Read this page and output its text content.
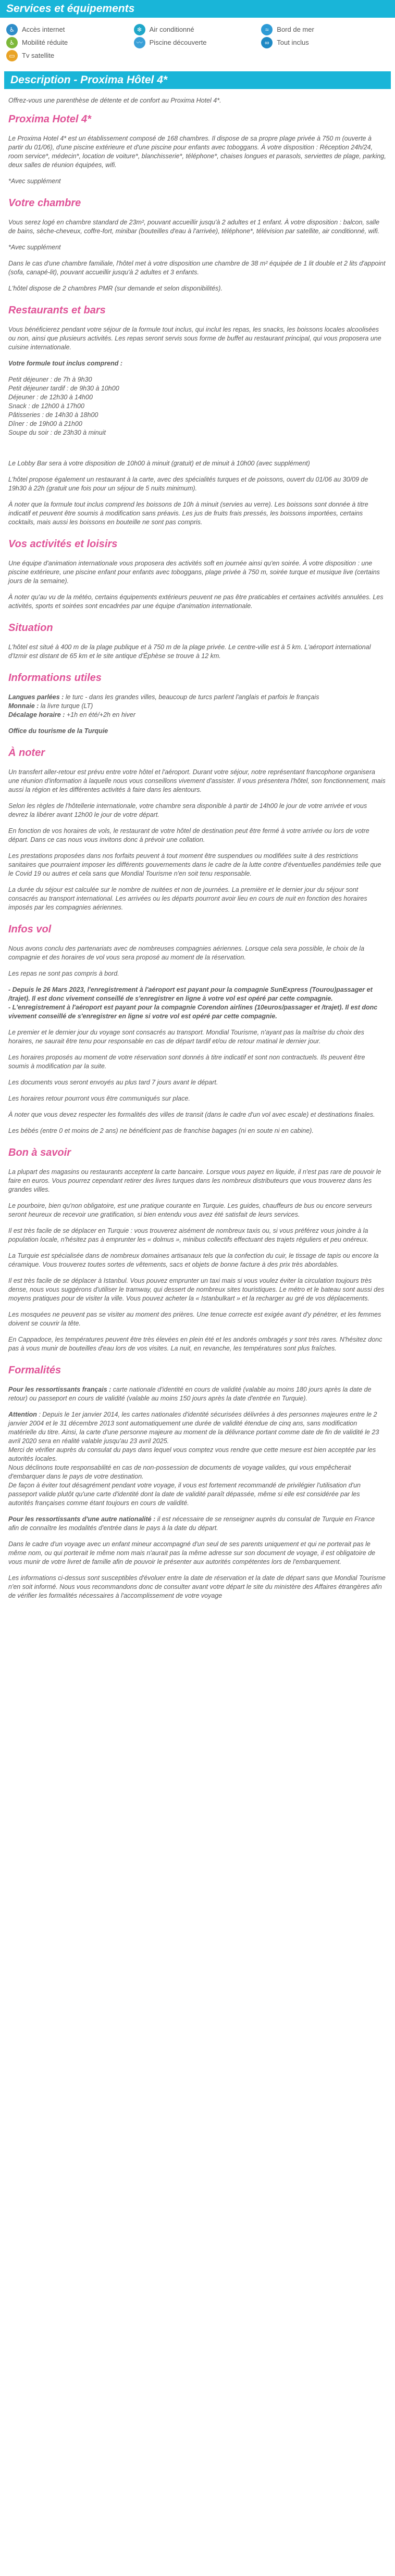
Services et équipements
♿	Accès internet	❄	Air conditionné	≈	Bord de mer
♿	Mobilité réduite	〰	Piscine découverte	∞	Tout inclus
▭	Tv satellite
Description - Proxima Hôtel 4*

Offrez-vous une parenthèse de détente et de confort au Proxima Hotel 4*.

Proxima Hotel 4*

Le Proxima Hotel 4* est un établissement composé de 168 chambres. Il dispose de sa propre plage privée à 750 m (ouverte à partir du 01/06), d'une piscine extérieure et d'une piscine pour enfants avec toboggans. À votre disposition : Réception 24h/24, room service*, médecin*, location de voiture*, blanchisserie*, téléphone*, chaises longues et parasols, serviettes de plage, parking, deux salles de réunion équipées, wifi.

*Avec supplément

Votre chambre

Vous serez logé en chambre standard de 23m², pouvant accueillir jusqu'à 2 adultes et 1 enfant. À votre disposition : balcon, salle de bains, sèche-cheveux, coffre-fort, minibar (bouteilles d'eau à l'arrivée), téléphone*, télévision par satellite, air conditionné, wifi.

*Avec supplément

Dans le cas d'une chambre familiale, l'hôtel met à votre disposition une chambre de 38 m² équipée de 1 lit double et 2 lits d'appoint (sofa, canapé-lit), pouvant accueillir jusqu'à 2 adultes et 3 enfants.

L'hôtel dispose de 2 chambres PMR (sur demande et selon disponibilités).

Restaurants et bars

Vous bénéficierez pendant votre séjour de la formule tout inclus, qui inclut les repas, les snacks, les boissons locales alcoolisées ou non, ainsi que plusieurs activités. Les repas seront servis sous forme de buffet au restaurant principal, qui vous proposera une cuisine internationale.

Votre formule tout inclus comprend :

Petit déjeuner : de 7h à 9h30

Petit déjeuner tardif : de 9h30 à 10h00

Déjeuner : de 12h30 à 14h00

Snack : de 12h00 à 17h00

Pâtisseries : de 14h30 à 18h00

Dîner : de 19h00 à 21h00

Soupe du soir : de 23h30 à minuit

Le Lobby Bar sera à votre disposition de 10h00 à minuit (gratuit) et de minuit à 10h00 (avec supplément)

L'hôtel propose également un restaurant à la carte, avec des spécialités turques et de poissons, ouvert du 01/06 au 30/09 de 19h30 à 22h (gratuit une fois pour un séjour de 5 nuits minimum).

À noter que la formule tout inclus comprend les boissons de 10h à minuit (servies au verre). Les boissons sont donnée à titre indicatif et peuvent être soumis à modification sans préavis. Les jus de fruits frais pressés, les boissons importées, certains cocktails, mais aussi les boissons en bouteille ne sont pas compris.

Vos activités et loisirs

Une équipe d'animation internationale vous proposera des activités soft en journée ainsi qu'en soirée. À votre disposition : une piscine extérieure, une piscine enfant pour enfants avec toboggans, plage privée à 750 m, soirée turque et musique live (certains jours de la semaine).

À noter qu'au vu de la météo, certains équipements extérieurs peuvent ne pas être praticables et certaines activités annulées. Les activités, sports et soirées sont encadrées par une équipe d'animation internationale.

Situation

L'hôtel est situé à 400 m de la plage publique et à 750 m de la plage privée. Le centre-ville est à 5 km. L'aéroport international d'Izmir est distant de 65 km et le site antique d'Éphèse se trouve à 12 km.

Informations utiles

Langues parlées : le turc - dans les grandes villes, beaucoup de turcs parlent l'anglais et parfois le français

Monnaie : la livre turque (LT)

Décalage horaire : +1h en été/+2h en hiver

Office du tourisme de la Turquie

À noter

Un transfert aller-retour est prévu entre votre hôtel et l'aéroport. Durant votre séjour, notre représentant francophone organisera une réunion d'information à laquelle nous vous conseillons vivement d'assister. Il vous présentera l'hôtel, son fonctionnement, mais aussi la région et les différentes activités à faire dans les alentours.

Selon les règles de l'hôtellerie internationale, votre chambre sera disponible à partir de 14h00 le jour de votre arrivée et vous devrez la libérer avant 12h00 le jour de votre départ.

En fonction de vos horaires de vols, le restaurant de votre hôtel de destination peut être fermé à votre arrivée ou lors de votre départ. Dans ce cas nous vous invitons donc à prévoir une collation.

Les prestations proposées dans nos forfaits peuvent à tout moment être suspendues ou modifiées suite à des restrictions sanitaires que pourraient imposer les différents gouvernements dans le cadre de la lutte contre d'éventuelles pandémies telle que le Covid 19 ou autres et cela sans que Mondial Tourisme n'en soit tenu responsable.

La durée du séjour est calculée sur le nombre de nuitées et non de journées. La première et le dernier jour du séjour sont consacrés au transport international. Les arrivées ou les départs pourront avoir lieu en cours de nuit en fonction des horaires imposés par les compagnies aériennes.

Infos vol

Nous avons conclu des partenariats avec de nombreuses compagnies aériennes. Lorsque cela sera possible, le choix de la compagnie et des horaires de vol vous sera proposé au moment de la réservation.

Les repas ne sont pas compris à bord.

- Depuis le 26 Mars 2023, l'enregistrement à l'aéroport est payant pour la compagnie SunExpress (Tourou)passager et /trajet). Il est donc vivement conseillé de s'enregistrer en ligne à votre vol est opéré par cette compagnie.

- L'enregistrement à l'aéroport est payant pour la compagnie Corendon airlines (10euros/passager et /trajet). Il est donc vivement conseillé de s'enregistrer en ligne si votre vol est opéré par cette compagnie.

Le premier et le dernier jour du voyage sont consacrés au transport. Mondial Tourisme, n'ayant pas la maîtrise du choix des horaires, ne saurait être tenu pour responsable en cas de départ tardif et/ou de retour matinal le dernier jour.

Les horaires proposés au moment de votre réservation sont donnés à titre indicatif et sont non contractuels. Ils peuvent être soumis à modification par la suite.

Les documents vous seront envoyés au plus tard 7 jours avant le départ.

Les horaires retour pourront vous être communiqués sur place.

À noter que vous devez respecter les formalités des villes de transit (dans le cadre d'un vol avec escale) et destinations finales.

Les bébés (entre 0 et moins de 2 ans) ne bénéficient pas de franchise bagages (ni en soute ni en cabine).

Bon à savoir

La plupart des magasins ou restaurants acceptent la carte bancaire. Lorsque vous payez en liquide, il n'est pas rare de pouvoir le faire en euros. Vous pourrez cependant retirer des livres turques dans les nombreux distributeurs que vous trouverez dans les grandes villes.

Le pourboire, bien qu'non obligatoire, est une pratique courante en Turquie. Les guides, chauffeurs de bus ou encore serveurs seront heureux de recevoir une gratification, si bien entendu vous avez été satisfait de leurs services.

Il est très facile de se déplacer en Turquie : vous trouverez aisément de nombreux taxis ou, si vous préférez vous joindre à la population locale, n'hésitez pas à emprunter les « dolmus », minibus collectifs effectuant des trajets réguliers et peu onéreux.

La Turquie est spécialisée dans de nombreux domaines artisanaux tels que la confection du cuir, le tissage de tapis ou encore la céramique. Vous trouverez toutes sortes de vêtements, sacs et objets de bonne facture à des prix très abordables.

Il est très facile de se déplacer à Istanbul. Vous pouvez emprunter un taxi mais si vous voulez éviter la circulation toujours très dense, nous vous suggérons d'utiliser le tramway, qui dessert de nombreux sites touristiques. Le métro et le bateau sont aussi des moyens pratiques pour de visiter la ville. Vous pouvez acheter la « Istanbulkart » et la recharger au gré de vos déplacements.

Les mosquées ne peuvent pas se visiter au moment des prières. Une tenue correcte est exigée avant d'y pénétrer, et les femmes doivent se couvrir la tête.

En Cappadoce, les températures peuvent être très élevées en plein été et les andorés ombragés y sont très rares. N'hésitez donc pas à vous munir de bouteilles d'eau lors de vos visites. La nuit, en revanche, les températures sont plus fraîches.

Formalités

Pour les ressortissants français : carte nationale d'identité en cours de validité (valable au moins 180 jours après la date de retour) ou passeport en cours de validité (valable au moins 150 jours après la date d'entrée en Turquie).

Attention : Depuis le 1er janvier 2014, les cartes nationales d'identité sécurisées délivrées à des personnes majeures entre le 2 janvier 2004 et le 31 décembre 2013 sont automatiquement une durée de validité étendue de cinq ans, sans modification matérielle du titre. Ainsi, la carte d'une personne majeure au moment de la délivrance portant comme date de fin de validité le 23 avril 2020 sera en réalité valable jusqu'au 23 avril 2025.

Merci de vérifier auprès du consulat du pays dans lequel vous comptez vous rendre que cette mesure est bien acceptée par les autorités locales.

Nous déclinons toute responsabilité en cas de non-possession de documents de voyage valides, qui vous empêcherait d'embarquer dans le pays de votre destination.

De façon à éviter tout désagrément pendant votre voyage, il vous est fortement recommandé de privilégier l'utilisation d'un passeport valide plutôt qu'une carte d'identité dont la date de validité paraît dépassée, même si elle est considérée par les autorités françaises comme étant toujours en cours de validité.

Pour les ressortissants d'une autre nationalité : il est nécessaire de se renseigner auprès du consulat de Turquie en France afin de connaître les modalités d'entrée dans le pays à la date du départ.

Dans le cadre d'un voyage avec un enfant mineur accompagné d'un seul de ses parents uniquement et qui ne porterait pas le même nom, ou qui porterait le même nom mais n'aurait pas la même adresse sur son document de voyage, il est obligatoire de vous munir de votre livret de famille afin de pouvoir le présenter aux autorités compétentes lors de l'embarquement.

Les informations ci-dessus sont susceptibles d'évoluer entre la date de réservation et la date de départ sans que Mondial Tourisme n'en soit informé. Nous vous recommandons donc de consulter avant votre départ le site du ministère des Affaires étrangères afin de vérifier les formalités nécessaires à l'accomplissement de votre voyage
